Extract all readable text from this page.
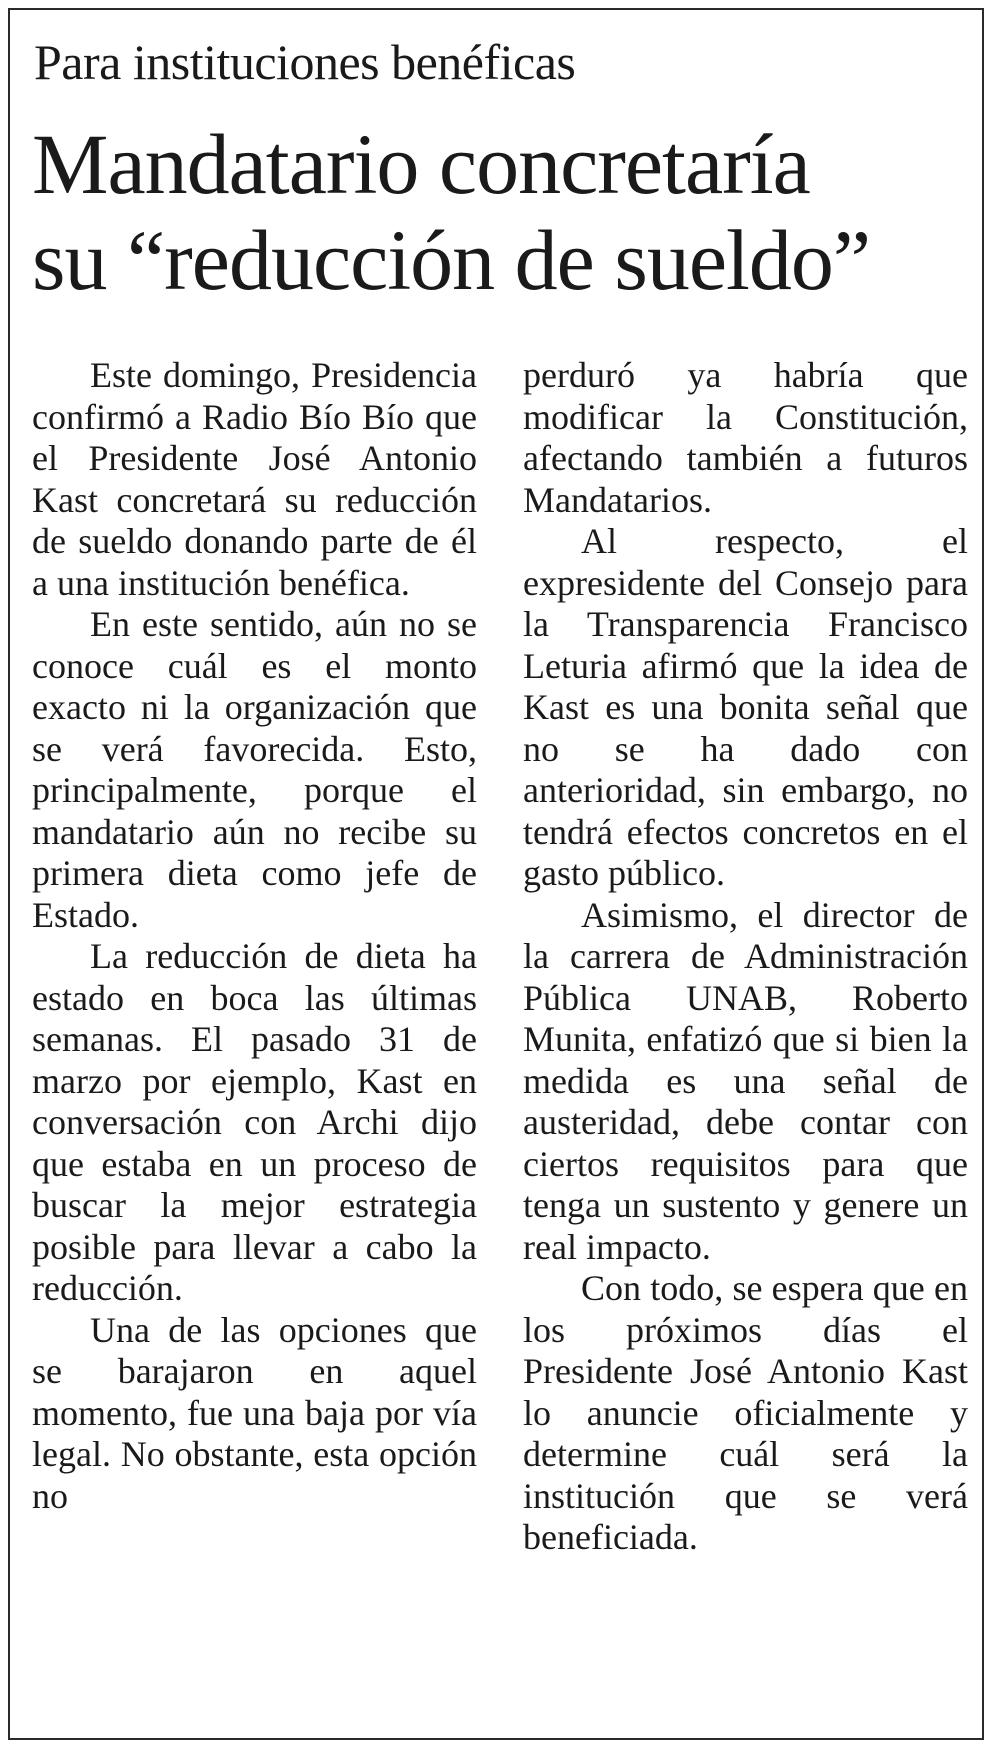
Para instituciones benéficas
Mandatario concretaría
su “reducción de sueldo”

Este domingo, Presidencia confirmó a Radio Bío Bío que el Presidente José Antonio Kast concretará su reducción de sueldo donando parte de él a una institución benéfica.

En este sentido, aún no se conoce cuál es el monto exacto ni la organización que se verá favorecida. Esto, principalmente, porque el mandatario aún no recibe su primera dieta como jefe de Estado.

La reducción de dieta ha estado en boca las últimas semanas. El pasado 31 de marzo por ejemplo, Kast en conversación con Archi dijo que estaba en un proceso de buscar la mejor estrategia posible para llevar a cabo la reducción.

Una de las opciones que se barajaron en aquel momento, fue una baja por vía legal. No obstante, esta opción no

perduró ya habría que modificar la Constitución, afectando también a futuros Mandatarios.

Al respecto, el expresidente del Consejo para la Transparencia Francisco Leturia afirmó que la idea de Kast es una bonita señal que no se ha dado con anterioridad, sin embargo, no tendrá efectos concretos en el gasto público.

Asimismo, el director de la carrera de Administración Pública UNAB, Roberto Munita, enfatizó que si bien la medida es una señal de austeridad, debe contar con ciertos requisitos para que tenga un sustento y genere un real impacto.

Con todo, se espera que en los próximos días el Presidente José Antonio Kast lo anuncie oficialmente y determine cuál será la institución que se verá beneficiada.
